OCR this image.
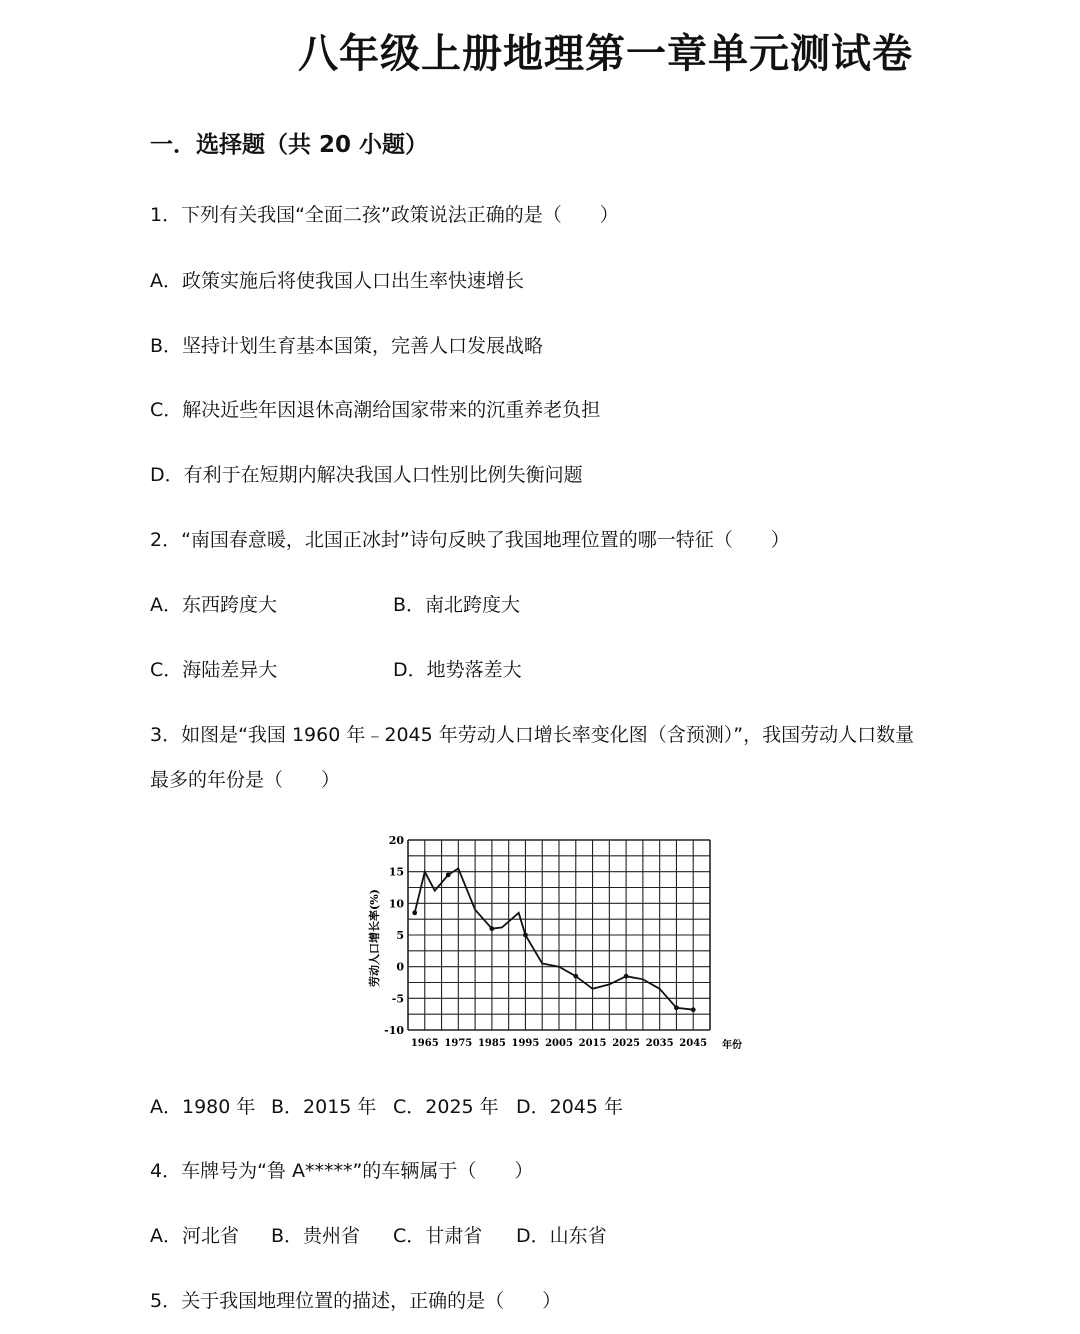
八年级上册地理第一章单元测试卷
一．选择题（共 20 小题）
1．下列有关我国“全面二孩”政策说法正确的是（　　）
A．政策实施后将使我国人口出生率快速增长
B．坚持计划生育基本国策，完善人口发展战略
C．解决近些年因退休高潮给国家带来的沉重养老负担
D．有利于在短期内解决我国人口性别比例失衡问题
2．“南国春意暖，北国正冰封”诗句反映了我国地理位置的哪一特征（　　）
A．东西跨度大	B．南北跨度大
C．海陆差异大	D．地势落差大
3．如图是“我国 1960 年﹣2045 年劳动人口增长率变化图（含预测）”，我国劳动人口数量
最多的年份是（　　）
20
15
10
5
0
-5
-10
1965 1975 1985 1995 2005 2015 2025 2035 2045
劳动人口增长率(%)
年份
A．1980 年 B．2015 年 C．2025 年 D．2045 年
4．车牌号为“鲁 A*****”的车辆属于（　　）
A．河北省 B．贵州省 C．甘肃省 D．山东省
5．关于我国地理位置的描述，正确的是（　　）
